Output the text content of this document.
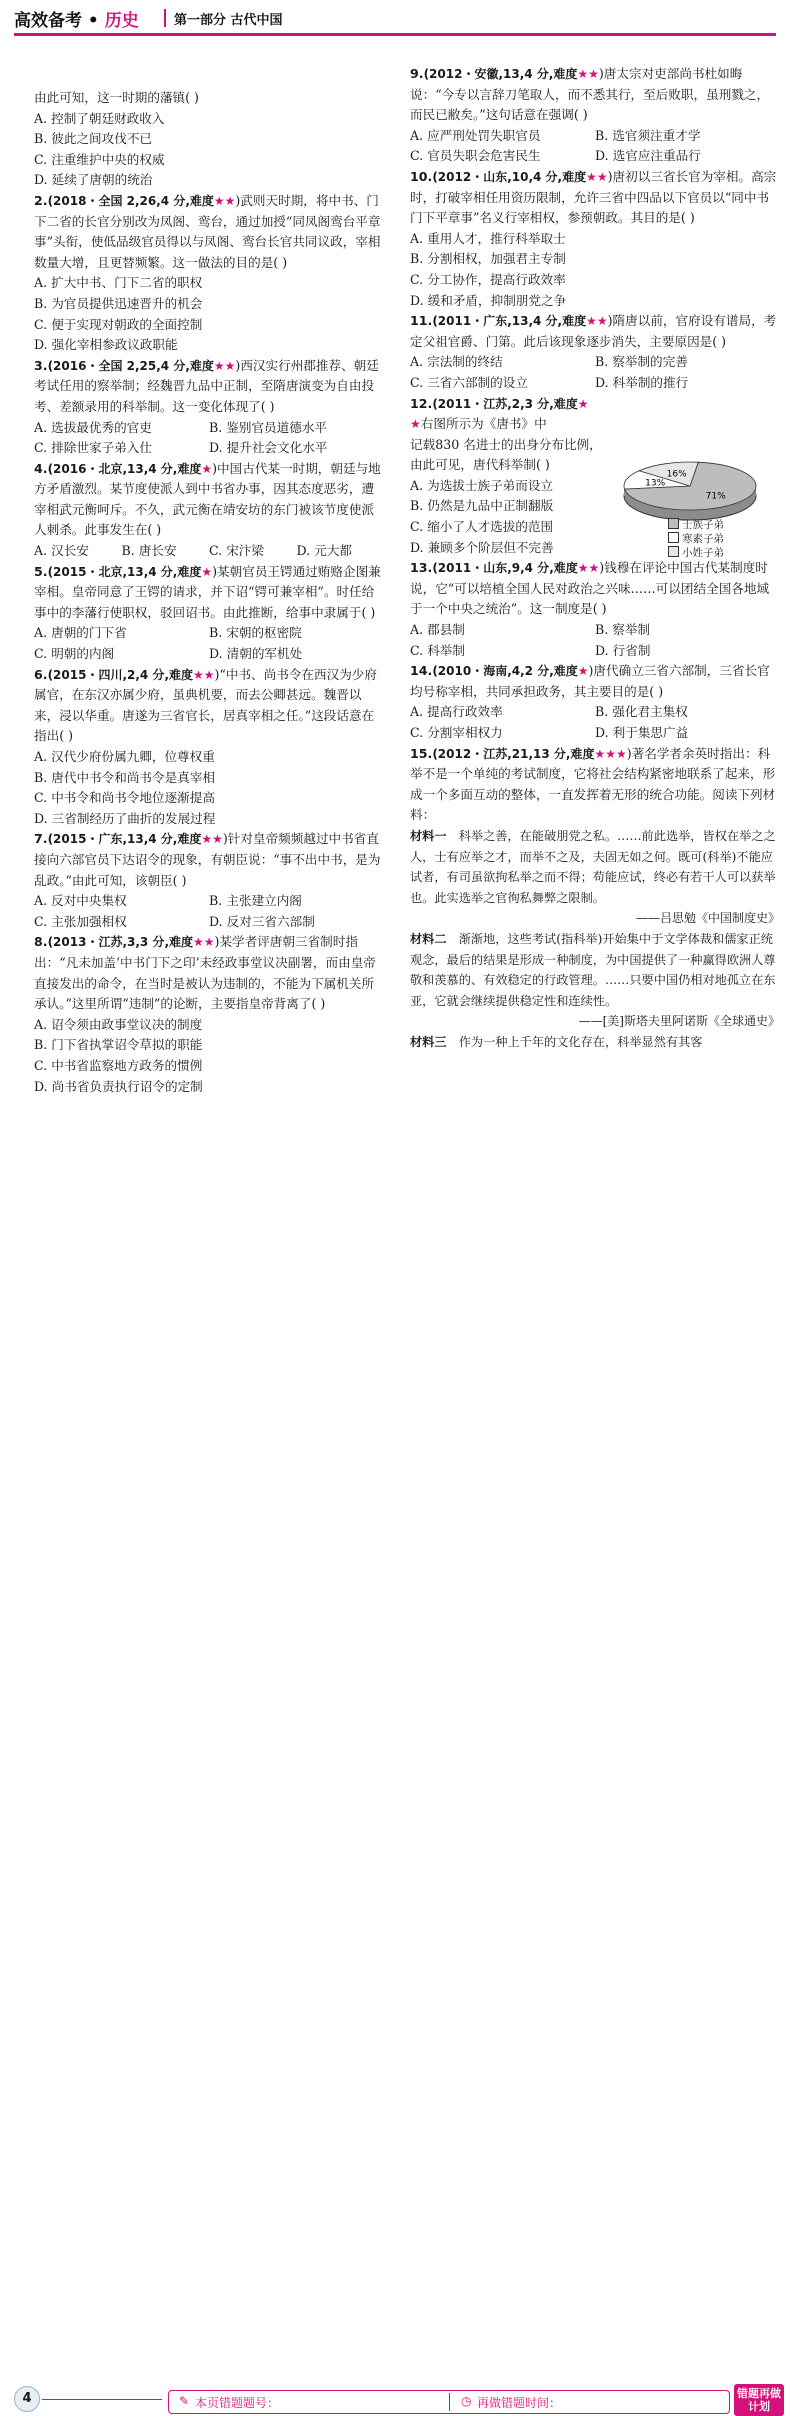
高效备考 • 历史	第一部分 古代中国
由此可知，这一时期的藩镇( )
A. 控制了朝廷财政收入
B. 彼此之间攻伐不已
C. 注重维护中央的权威
D. 延续了唐朝的统治
2.(2018・全国 2,26,4 分,难度★★)武则天时期，将中书、门下二省的长官分别改为凤阁、鸾台，通过加授“同凤阁鸾台平章事”头衔，使低品级官员得以与凤阁、鸾台长官共同议政，宰相数量大增，且更替频繁。这一做法的目的是( )
A. 扩大中书、门下二省的职权
B. 为官员提供迅速晋升的机会
C. 便于实现对朝政的全面控制
D. 强化宰相参政议政职能
3.(2016・全国 2,25,4 分,难度★★)西汉实行州郡推荐、朝廷考试任用的察举制；经魏晋九品中正制，至隋唐演变为自由投考、差额录用的科举制。这一变化体现了( )
A. 选拔最优秀的官吏	B. 鉴别官员道德水平
C. 排除世家子弟入仕	D. 提升社会文化水平
4.(2016・北京,13,4 分,难度★)中国古代某一时期，朝廷与地方矛盾激烈。某节度使派人到中书省办事，因其态度恶劣，遭宰相武元衡呵斥。不久，武元衡在靖安坊的东门被该节度使派人刺杀。此事发生在( )
A. 汉长安	B. 唐长安	C. 宋汴梁	D. 元大都
5.(2015・北京,13,4 分,难度★)某朝官员王锷通过贿赂企图兼宰相。皇帝同意了王锷的请求，并下诏“锷可兼宰相”。时任给事中的李藩行使职权，驳回诏书。由此推断，给事中隶属于( )
A. 唐朝的门下省	B. 宋朝的枢密院
C. 明朝的内阁	D. 清朝的军机处
6.(2015・四川,2,4 分,难度★★)“中书、尚书令在西汉为少府属官，在东汉亦属少府，虽典机要，而去公卿甚远。魏晋以来，浸以华重。唐遂为三省官长，居真宰相之任。”这段话意在指出( )
A. 汉代少府份属九卿，位尊权重
B. 唐代中书令和尚书令是真宰相
C. 中书令和尚书令地位逐渐提高
D. 三省制经历了曲折的发展过程
7.(2015・广东,13,4 分,难度★★)针对皇帝频频越过中书省直接向六部官员下达诏令的现象，有朝臣说：“事不出中书，是为乱政。”由此可知，该朝臣( )
A. 反对中央集权	B. 主张建立内阁
C. 主张加强相权	D. 反对三省六部制
8.(2013・江苏,3,3 分,难度★★)某学者评唐朝三省制时指出：“凡未加盖‘中书门下之印’未经政事堂议决副署，而由皇帝直接发出的命令，在当时是被认为违制的，不能为下属机关所承认。”这里所谓“违制”的论断，主要指皇帝背离了( )
A. 诏令须由政事堂议决的制度
B. 门下省执掌诏令草拟的职能
C. 中书省监察地方政务的惯例
D. 尚书省负责执行诏令的定制
9.(2012・安徽,13,4 分,难度★★)唐太宗对吏部尚书杜如晦说：“今专以言辞刀笔取人，而不悉其行，至后败职，虽刑戮之，而民已敝矣。”这句话意在强调( )
A. 应严刑处罚失职官员	B. 选官须注重才学
C. 官员失职会危害民生	D. 选官应注重品行
10.(2012・山东,10,4 分,难度★★)唐初以三省长官为宰相。高宗时，打破宰相任用资历限制，允许三省中四品以下官员以“同中书门下平章事”名义行宰相权，参预朝政。其目的是( )
A. 重用人才，推行科举取士
B. 分割相权，加强君主专制
C. 分工协作，提高行政效率
D. 缓和矛盾，抑制朋党之争
11.(2011・广东,13,4 分,难度★★)隋唐以前，官府设有谱局，考定父祖官爵、门第。此后该现象逐步消失，主要原因是( )
A. 宗法制的终结	B. 察举制的完善
C. 三省六部制的设立	D. 科举制的推行
12.(2011・江苏,2,3 分,难度★
★右图所示为《唐书》中
记载830 名进士的出身分布比例，
由此可见，唐代科举制( )
A. 为选拔士族子弟而设立
B. 仍然是九品中正制翻版
C. 缩小了人才选拔的范围
D. 兼顾多个阶层但不完善
13.(2011・山东,9,4 分,难度★★)钱穆在评论中国古代某制度时说，它“可以培植全国人民对政治之兴味……可以团结全国各地域于一个中央之统治”。这一制度是( )
A. 郡县制	B. 察举制
C. 科举制	D. 行省制
14.(2010・海南,4,2 分,难度★)唐代确立三省六部制，三省长官均号称宰相，共同承担政务，其主要目的是( )
A. 提高行政效率	B. 强化君主集权
C. 分割宰相权力	D. 利于集思广益
15.(2012・江苏,21,13 分,难度★★★)著名学者余英时指出：科举不是一个单纯的考试制度，它将社会结构紧密地联系了起来，形成一个多面互动的整体，一直发挥着无形的统合功能。阅读下列材料：
材料一　科举之善，在能破朋党之私。……前此选举，皆权在举之之人，士有应举之才，而举不之及，夫固无如之何。既可(科举)不能应试者，有司虽欲拘私举之而不得；苟能应试，终必有若干人可以获举也。此实选举之官徇私舞弊之限制。
——吕思勉《中国制度史》
材料二　渐渐地，这些考试(指科举)开始集中于文学体裁和儒家正统观念，最后的结果是形成一种制度，为中国提供了一种赢得欧洲人尊敬和羡慕的、有效稳定的行政管理。……只要中国仍相对地孤立在东亚，它就会继续提供稳定性和连续性。
——[美]斯塔夫里阿诺斯《全球通史》
材料三　作为一种上千年的文化存在，科举显然有其客
71%
13%
16%
士族子弟
寒素子弟
小姓子弟
4	✎ 本页错题题号：	◷ 再做错题时间：
错题再做计划
